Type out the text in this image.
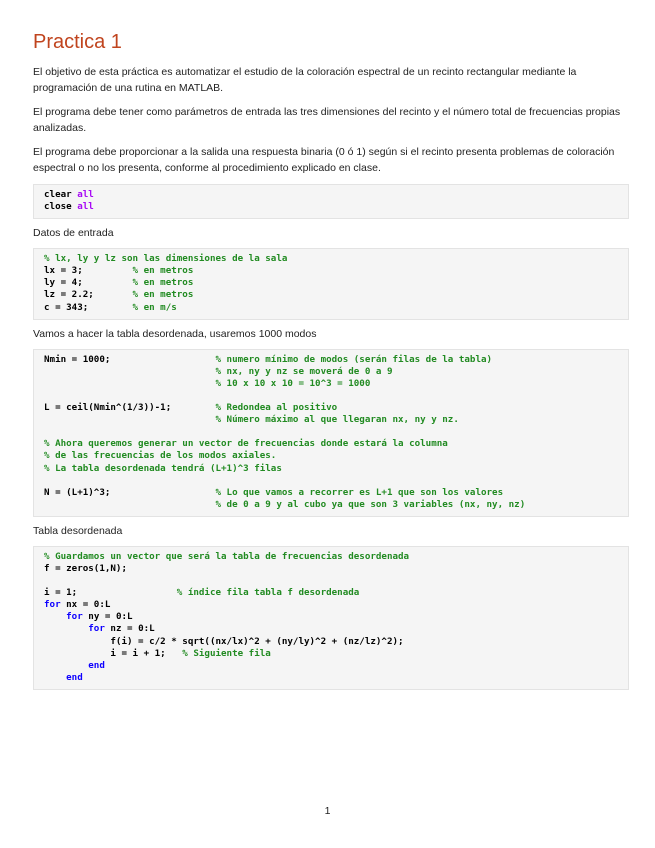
Practica 1

El objetivo de esta práctica es automatizar el estudio de la coloración espectral de un recinto rectangular mediante la programación de una rutina en MATLAB.

El programa debe tener como parámetros de entrada las tres dimensiones del recinto y el número total de frecuencias propias analizadas.

El programa debe proporcionar a la salida una respuesta binaria (0 ó 1) según si el recinto presenta problemas de coloración espectral o no los presenta, conforme al procedimiento explicado en clase.

clear all
close all
Datos de entrada
% lx, ly y lz son las dimensiones de la sala
lx = 3;         % en metros
ly = 4;         % en metros
lz = 2.2;       % en metros
c = 343;        % en m/s
Vamos a hacer la tabla desordenada, usaremos 1000 modos
Nmin = 1000;                   % numero mínimo de modos (serán filas de la tabla)
% nx, ny y nz se moverá de 0 a 9
% 10 x 10 x 10 = 10^3 = 1000

L = ceil(Nmin^(1/3))-1;        % Redondea al positivo
% Número máximo al que llegaran nx, ny y nz.

% Ahora queremos generar un vector de frecuencias donde estará la columna
% de las frecuencias de los modos axiales.
% La tabla desordenada tendrá (L+1)^3 filas

N = (L+1)^3;                   % Lo que vamos a recorrer es L+1 que son los valores
% de 0 a 9 y al cubo ya que son 3 variables (nx, ny, nz)
Tabla desordenada
% Guardamos un vector que será la tabla de frecuencias desordenada
f = zeros(1,N);

i = 1;                  % índice fila tabla f desordenada
for nx = 0:L
for ny = 0:L
for nz = 0:L
f(i) = c/2 * sqrt((nx/lx)^2 + (ny/ly)^2 + (nz/lz)^2);
i = i + 1;   % Siguiente fila
end
end
1
